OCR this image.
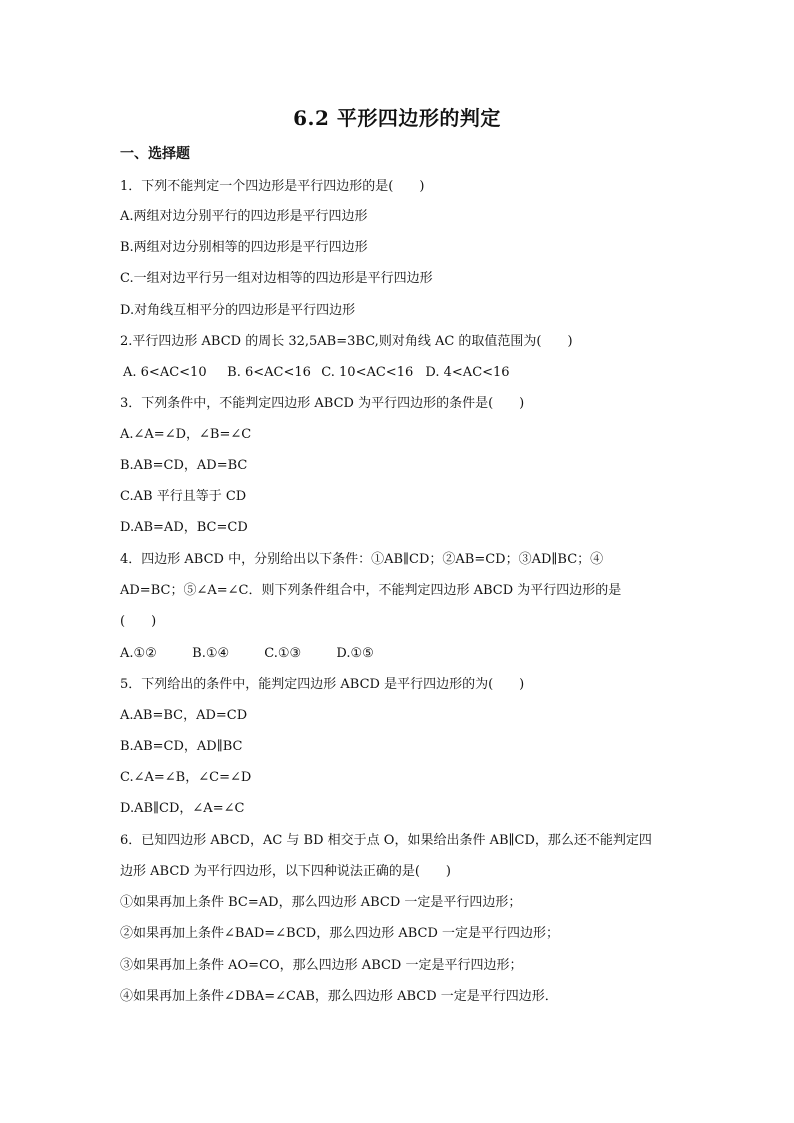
6.2 平形四边形的判定
一、选择题
1．下列不能判定一个四边形是平行四边形的是(　　)
A.两组对边分别平行的四边形是平行四边形
B.两组对边分别相等的四边形是平行四边形
C.一组对边平行另一组对边相等的四边形是平行四边形
D.对角线互相平分的四边形是平行四边形
2.平行四边形 ABCD 的周长 32,5AB=3BC,则对角线 AC 的取值范围为(　　)
A. 6<AC<10 B. 6<AC<16 C. 10<AC<16 D. 4<AC<16
3．下列条件中，不能判定四边形 ABCD 为平行四边形的条件是(　　)
A.∠A=∠D，∠B=∠C
B.AB=CD，AD=BC
C.AB 平行且等于 CD
D.AB=AD，BC=CD
4．四边形 ABCD 中，分别给出以下条件：①AB∥CD；②AB=CD；③AD∥BC；④
AD=BC；⑤∠A=∠C．则下列条件组合中，不能判定四边形 ABCD 为平行四边形的是
(　　)
A.①②	B.①④	C.①③	D.①⑤
5．下列给出的条件中，能判定四边形 ABCD 是平行四边形的为(　　)
A.AB=BC，AD=CD
B.AB=CD，AD∥BC
C.∠A=∠B，∠C=∠D
D.AB∥CD，∠A=∠C
6．已知四边形 ABCD，AC 与 BD 相交于点 O，如果给出条件 AB∥CD，那么还不能判定四
边形 ABCD 为平行四边形，以下四种说法正确的是(　　)
①如果再加上条件 BC=AD，那么四边形 ABCD 一定是平行四边形；
②如果再加上条件∠BAD=∠BCD，那么四边形 ABCD 一定是平行四边形；
③如果再加上条件 AO=CO，那么四边形 ABCD 一定是平行四边形；
④如果再加上条件∠DBA=∠CAB，那么四边形 ABCD 一定是平行四边形．
